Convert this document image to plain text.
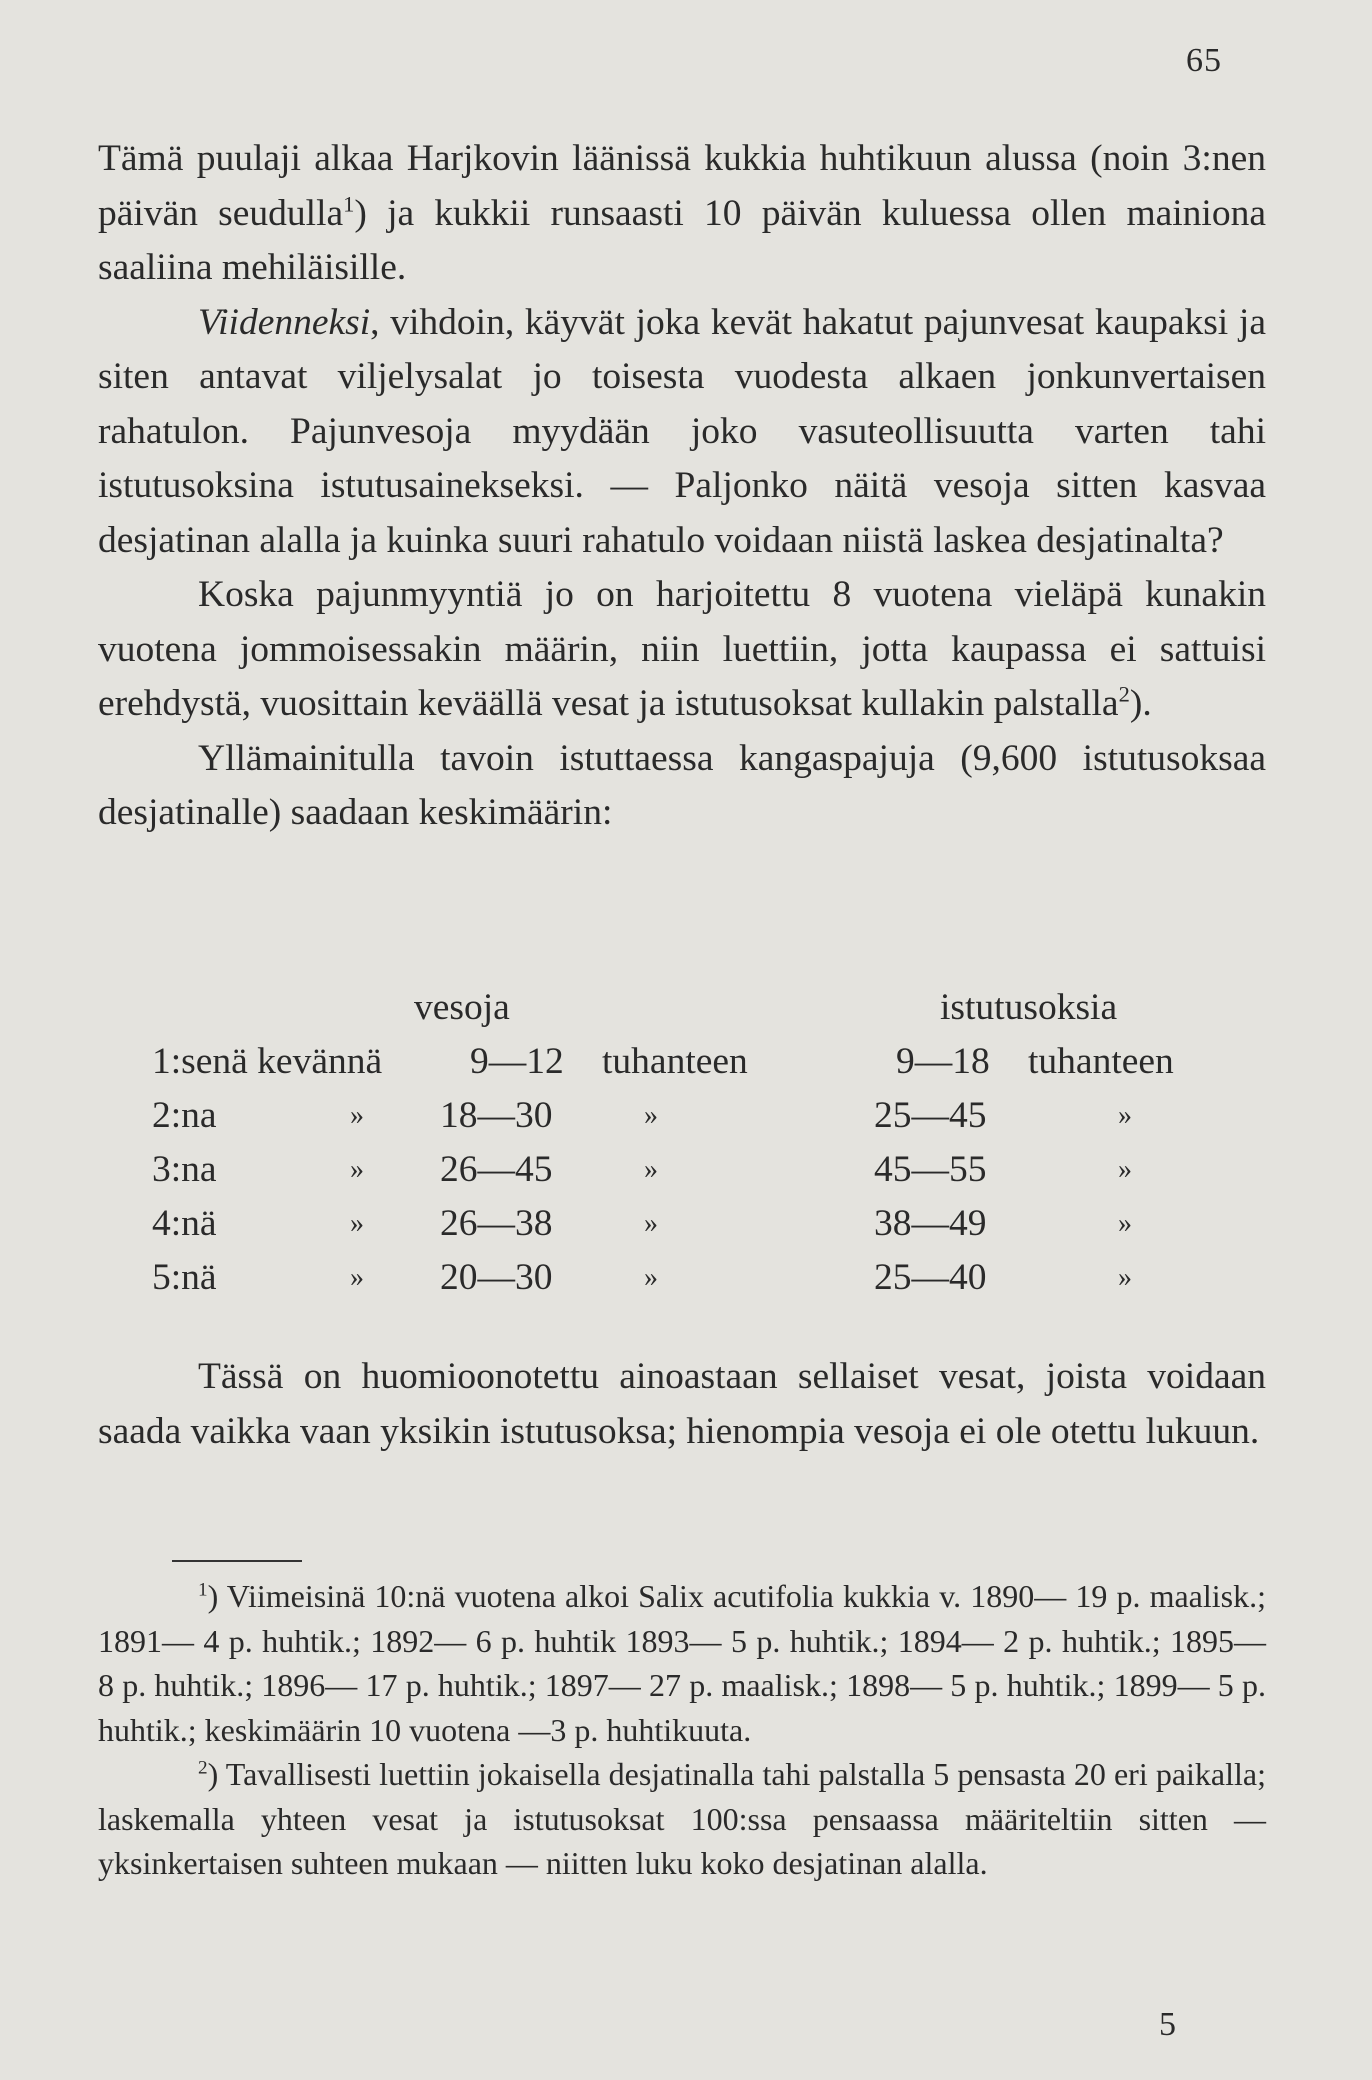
65

Tämä puulaji alkaa Harjkovin läänissä kukkia huhtikuun alussa (noin 3:nen päivän seudulla$^1$) ja kukkii runsaasti 10 päivän kuluessa ollen mainiona saaliina mehiläisille.

Viidenneksi, vihdoin, käyvät joka kevät hakatut pajunvesat kaupaksi ja siten antavat viljelysalat jo toisesta vuodesta alkaen jonkunvertaisen rahatulon. Pajunvesoja myydään joko vasuteollisuutta varten tahi istutusoksina istutusainekseksi. — Paljonko näitä vesoja sitten kasvaa desjatinan alalla ja kuinka suuri rahatulo voidaan niistä laskea desjatinalta?

Koska pajunmyyntiä jo on harjoitettu 8 vuotena vieläpä kunakin vuotena jommoisessakin määrin, niin luettiin, jotta kaupassa ei sattuisi erehdystä, vuosittain keväällä vesat ja istutusoksat kullakin palstalla$^2$).

Yllämainitulla tavoin istuttaessa kangaspajuja (9,600 istutusoksaa desjatinalle) saadaan keskimäärin:

vesoja	istutusoksia
1:senä kevännä 9—12 tuhanteen	9—18 tuhanteen
2:na	» 18—30	»	25—45	»
3:na	» 26—45	»	45—55	»
4:nä	» 26—38	»	38—49	»
5:nä	» 20—30	»	25—40	»

Tässä on huomioonotettu ainoastaan sellaiset vesat, joista voidaan saada vaikka vaan yksikin istutusoksa; hienompia vesoja ei ole otettu lukuun.

$^1$) Viimeisinä 10:nä vuotena alkoi Salix acutifolia kukkia v. 1890— 19 p. maalisk.; 1891— 4 p. huhtik.; 1892— 6 p. huhtik 1893— 5 p. huhtik.; 1894— 2 p. huhtik.; 1895— 8 p. huhtik.; 1896— 17 p. huhtik.; 1897— 27 p. maalisk.; 1898— 5 p. huhtik.; 1899— 5 p. huhtik.; keskimäärin 10 vuotena —3 p. huhtikuuta.

$^2$) Tavallisesti luettiin jokaisella desjatinalla tahi palstalla 5 pensasta 20 eri paikalla; laskemalla yhteen vesat ja istutusoksat 100:ssa pensaassa määriteltiin sitten — yksinkertaisen suhteen mukaan — niitten luku koko desjatinan alalla.

5
